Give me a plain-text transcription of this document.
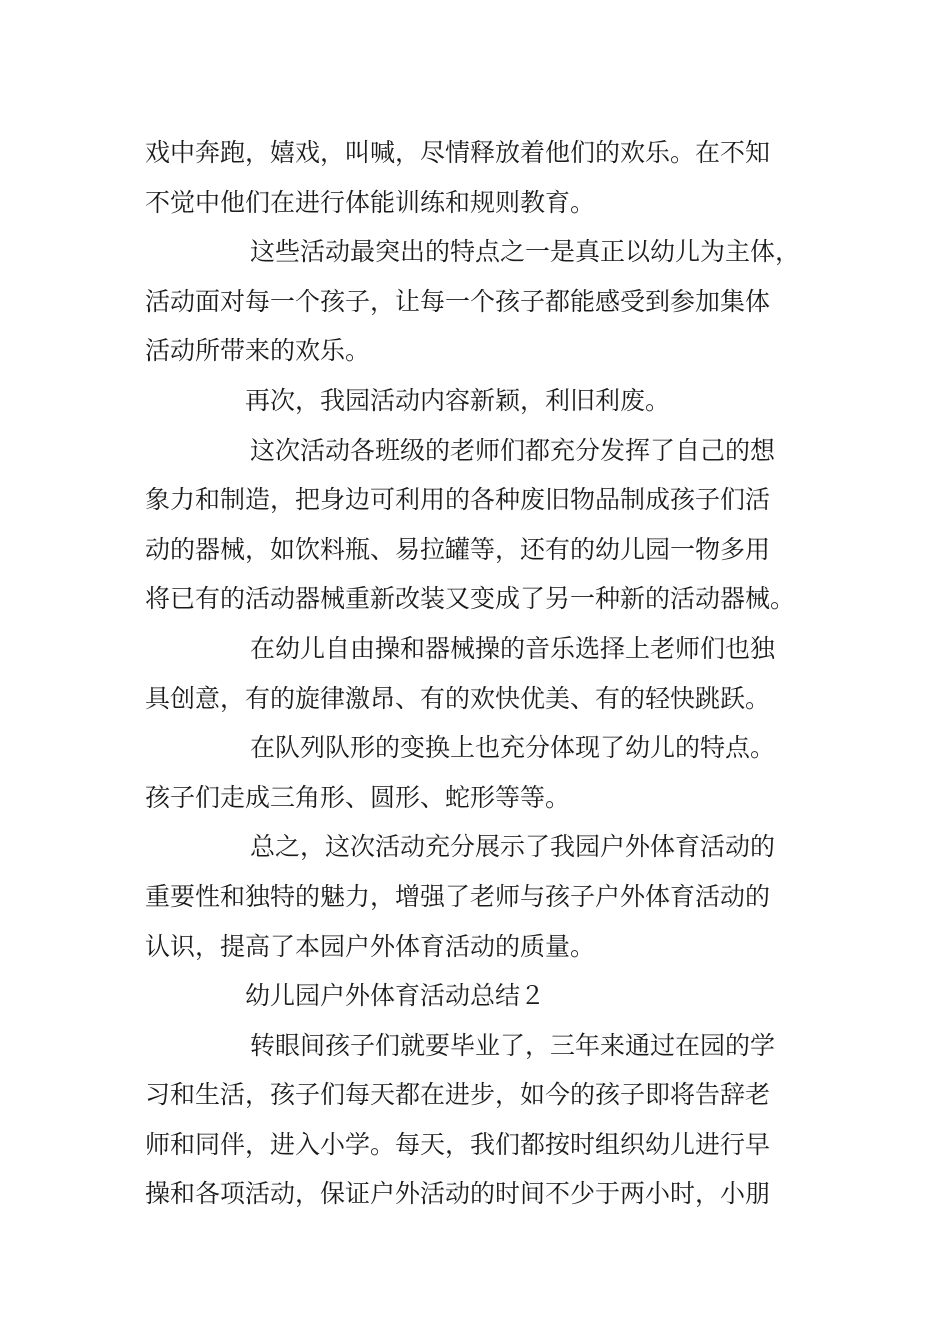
戏中奔跑，嬉戏，叫喊，尽情释放着他们的欢乐。在不知
不觉中他们在进行体能训练和规则教育。
这些活动最突出的特点之一是真正以幼儿为主体，
活动面对每一个孩子，让每一个孩子都能感受到参加集体
活动所带来的欢乐。
再次，我园活动内容新颖，利旧利废。
这次活动各班级的老师们都充分发挥了自己的想
象力和制造，把身边可利用的各种废旧物品制成孩子们活
动的器械，如饮料瓶、易拉罐等，还有的幼儿园一物多用
将已有的活动器械重新改装又变成了另一种新的活动器械。
在幼儿自由操和器械操的音乐选择上老师们也独
具创意，有的旋律激昂、有的欢快优美、有的轻快跳跃。
在队列队形的变换上也充分体现了幼儿的特点。
孩子们走成三角形、圆形、蛇形等等。
总之，这次活动充分展示了我园户外体育活动的
重要性和独特的魅力，增强了老师与孩子户外体育活动的
认识，提高了本园户外体育活动的质量。
幼儿园户外体育活动总结２
转眼间孩子们就要毕业了，三年来通过在园的学
习和生活，孩子们每天都在进步，如今的孩子即将告辞老
师和同伴，进入小学。每天，我们都按时组织幼儿进行早
操和各项活动，保证户外活动的时间不少于两小时，小朋
